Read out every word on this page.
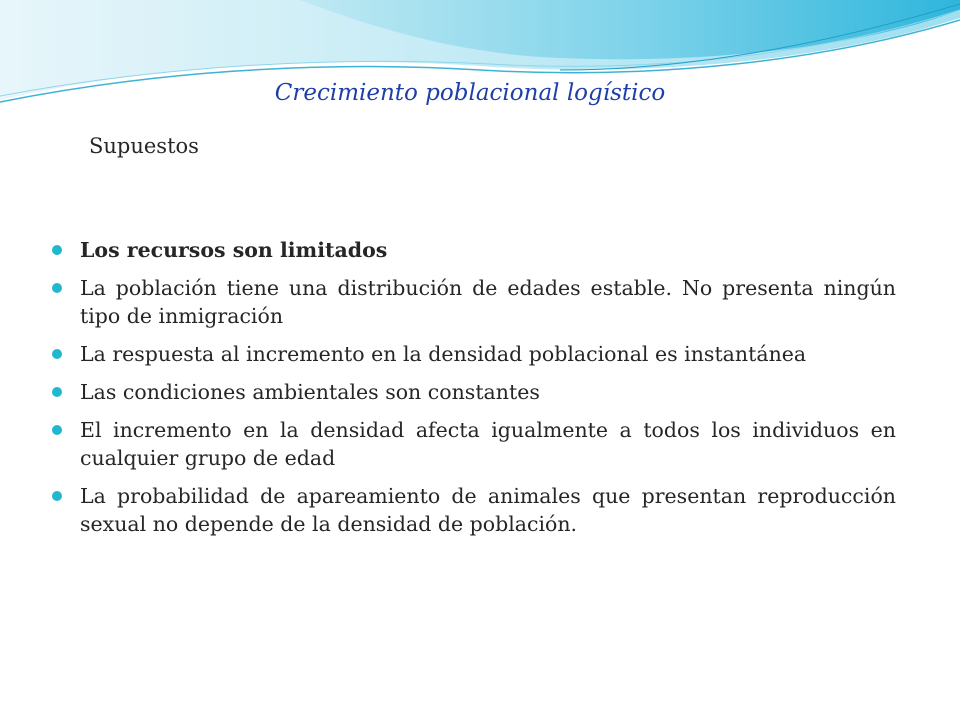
Crecimiento poblacional logístico
Supuestos
Los recursos son limitados
La población tiene una distribución de edades estable. No presenta ningún tipo de inmigración
La respuesta al incremento en la densidad poblacional es instantánea
Las condiciones ambientales son constantes
El incremento en la densidad afecta igualmente a todos los individuos en cualquier grupo de edad
La probabilidad de apareamiento de animales que presentan reproducción sexual no depende de la densidad de población.
